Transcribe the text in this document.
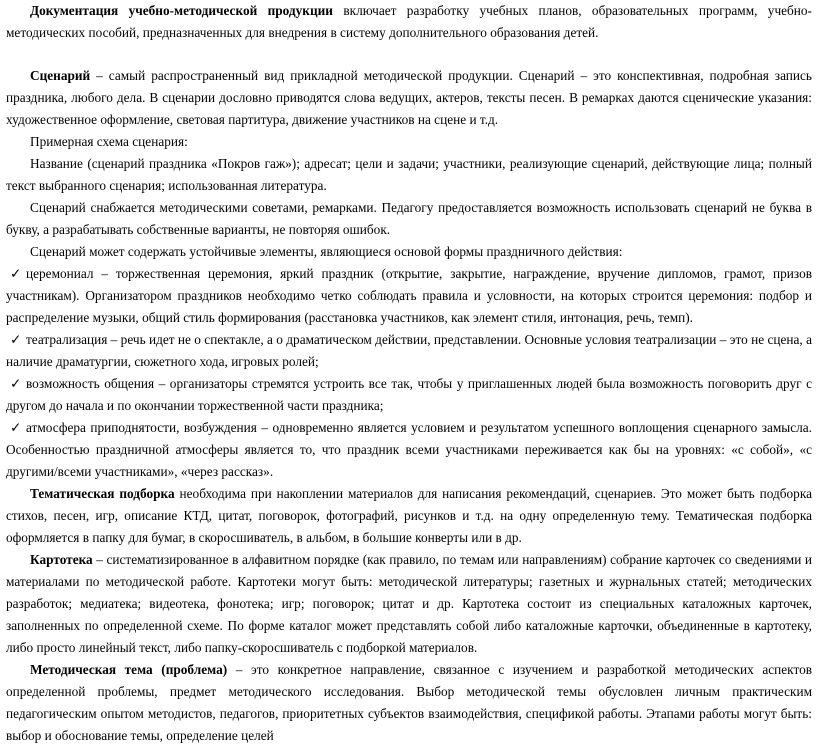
Документация учебно-методической продукции включает разработку учебных планов, образовательных программ, учебно-методических пособий, предназначенных для внедрения в систему дополнительного образования детей.

Сценарий – самый распространенный вид прикладной методической продукции. Сценарий – это конспективная, подробная запись праздника, любого дела. В сценарии дословно приводятся слова ведущих, актеров, тексты песен. В ремарках даются сценические указания: художественное оформление, световая партитура, движение участников на сцене и т.д.

Примерная схема сценария:

Название (сценарий праздника «Покров гаж»); адресат; цели и задачи; участники, реализующие сценарий, действующие лица; полный текст выбранного сценария; использованная литература.

Сценарий снабжается методическими советами, ремарками. Педагогу предоставляется возможность использовать сценарий не буква в букву, а разрабатывать собственные варианты, не повторяя ошибок.

Сценарий может содержать устойчивые элементы, являющиеся основой формы праздничного действия:

✓ церемониал – торжественная церемония, яркий праздник (открытие, закрытие, награждение, вручение дипломов, грамот, призов участникам). Организатором праздников необходимо четко соблюдать правила и условности, на которых строится церемония: подбор и распределение музыки, общий стиль формирования (расстановка участников, как элемент стиля, интонация, речь, темп).

✓ театрализация – речь идет не о спектакле, а о драматическом действии, представлении. Основные условия театрализации – это не сцена, а наличие драматургии, сюжетного хода, игровых ролей;

✓ возможность общения – организаторы стремятся устроить все так, чтобы у приглашенных людей была возможность поговорить друг с другом до начала и по окончании торжественной части праздника;

✓ атмосфера приподнятости, возбуждения – одновременно является условием и результатом успешного воплощения сценарного замысла. Особенностью праздничной атмосферы является то, что праздник всеми участниками переживается как бы на уровнях: «с собой», «с другими/всеми участниками», «через рассказ».

Тематическая подборка необходима при накоплении материалов для написания рекомендаций, сценариев. Это может быть подборка стихов, песен, игр, описание КТД, цитат, поговорок, фотографий, рисунков и т.д. на одну определенную тему. Тематическая подборка оформляется в папку для бумаг, в скоросшиватель, в альбом, в большие конверты или в др.

Картотека – систематизированное в алфавитном порядке (как правило, по темам или направлениям) собрание карточек со сведениями и материалами по методической работе. Картотеки могут быть: методической литературы; газетных и журнальных статей; методических разработок; медиатека; видеотека, фонотека; игр; поговорок; цитат и др. Картотека состоит из специальных каталожных карточек, заполненных по определенной схеме. По форме каталог может представлять собой либо каталожные карточки, объединенные в картотеку, либо просто линейный текст, либо папку-скоросшиватель с подборкой материалов.

Методическая тема (проблема) – это конкретное направление, связанное с изучением и разработкой методических аспектов определенной проблемы, предмет методического исследования. Выбор методической темы обусловлен личным практическим педагогическим опытом методистов, педагогов, приоритетных субъектов взаимодействия, спецификой работы. Этапами работы могут быть: выбор и обоснование темы, определение целей
